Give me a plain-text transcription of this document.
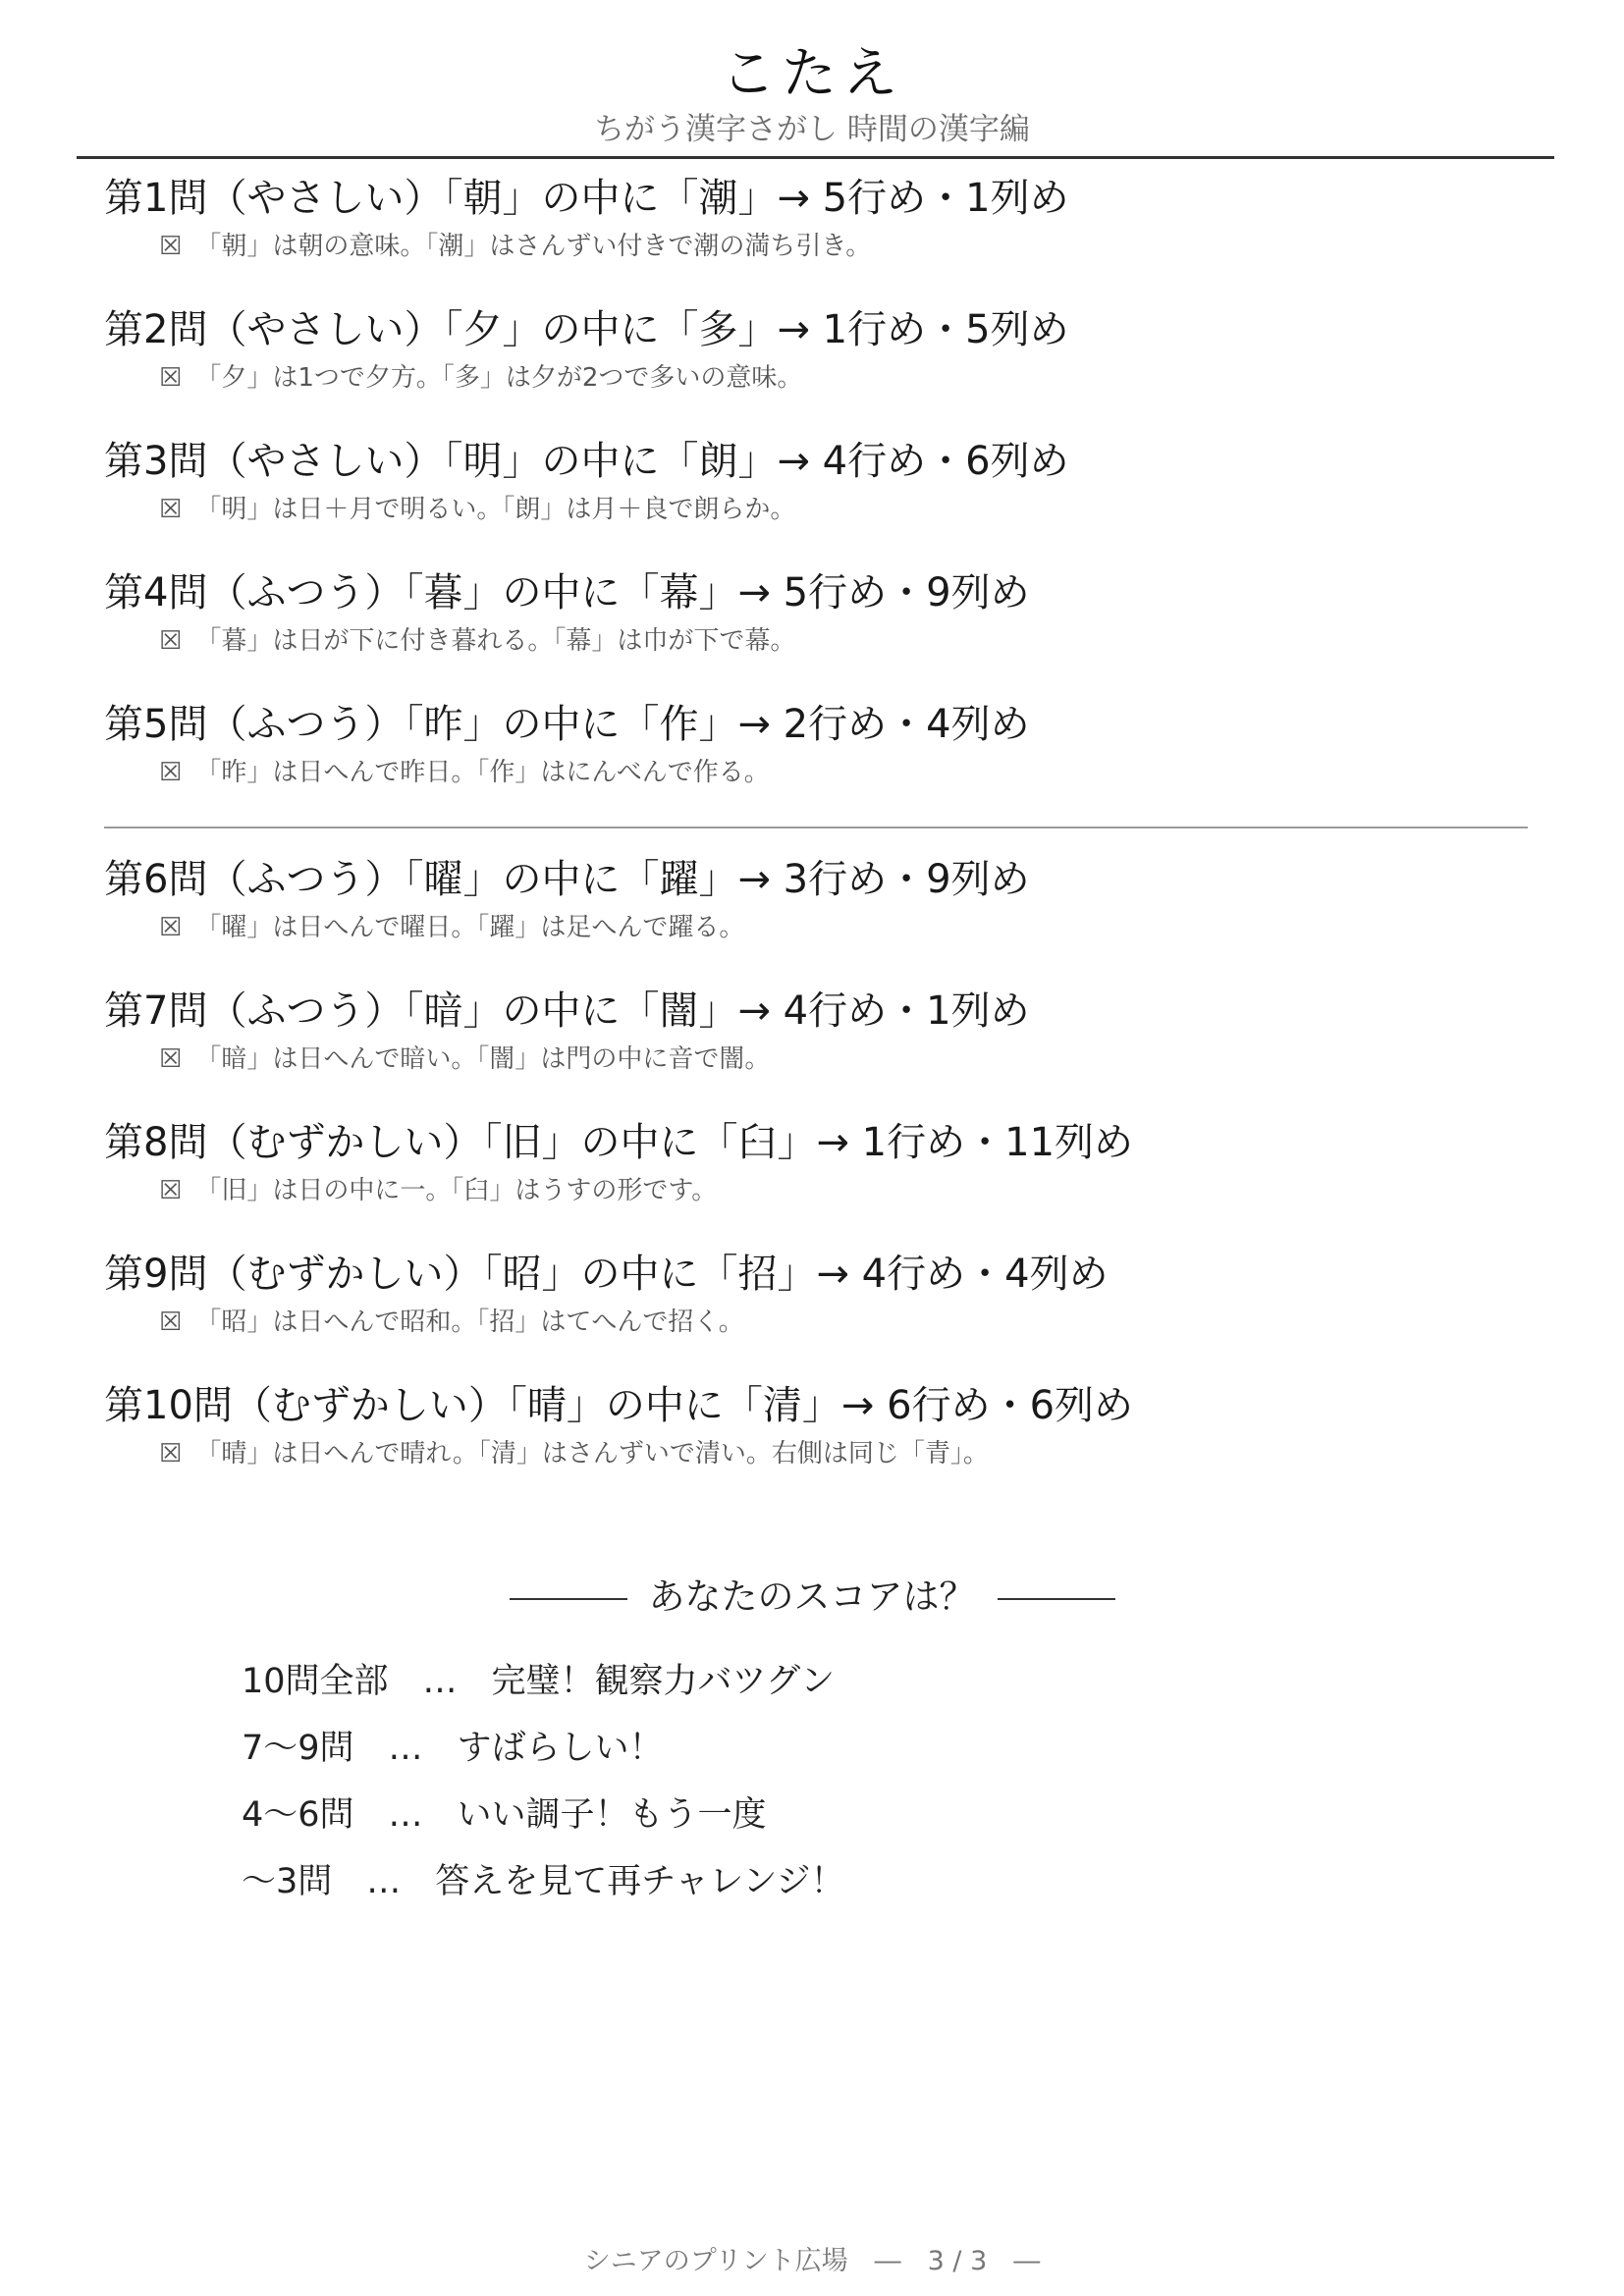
こたえ
ちがう漢字さがし 時間の漢字編
第1問（やさしい）「朝」の中に「潮」→ 5行め・1列め
☒ 「朝」は朝の意味。「潮」はさんずい付きで潮の満ち引き。
第2問（やさしい）「夕」の中に「多」→ 1行め・5列め
☒ 「夕」は1つで夕方。「多」は夕が2つで多いの意味。
第3問（やさしい）「明」の中に「朗」→ 4行め・6列め
☒ 「明」は日＋月で明るい。「朗」は月＋良で朗らか。
第4問（ふつう）「暮」の中に「幕」→ 5行め・9列め
☒ 「暮」は日が下に付き暮れる。「幕」は巾が下で幕。
第5問（ふつう）「昨」の中に「作」→ 2行め・4列め
☒ 「昨」は日へんで昨日。「作」はにんべんで作る。
第6問（ふつう）「曜」の中に「躍」→ 3行め・9列め
☒ 「曜」は日へんで曜日。「躍」は足へんで躍る。
第7問（ふつう）「暗」の中に「闇」→ 4行め・1列め
☒ 「暗」は日へんで暗い。「闇」は門の中に音で闇。
第8問（むずかしい）「旧」の中に「臼」→ 1行め・11列め
☒ 「旧」は日の中に一。「臼」はうすの形です。
第9問（むずかしい）「昭」の中に「招」→ 4行め・4列め
☒ 「昭」は日へんで昭和。「招」はてへんで招く。
第10問（むずかしい）「晴」の中に「清」→ 6行め・6列め
☒ 「晴」は日へんで晴れ。「清」はさんずいで清い。右側は同じ「青」。
あなたのスコアは？
10問全部　…　完璧！観察力バツグン
7〜9問　…　すばらしい！
4〜6問　…　いい調子！もう一度
〜3問　…　答えを見て再チャレンジ！
シニアのプリント広場　―　3 / 3　―
